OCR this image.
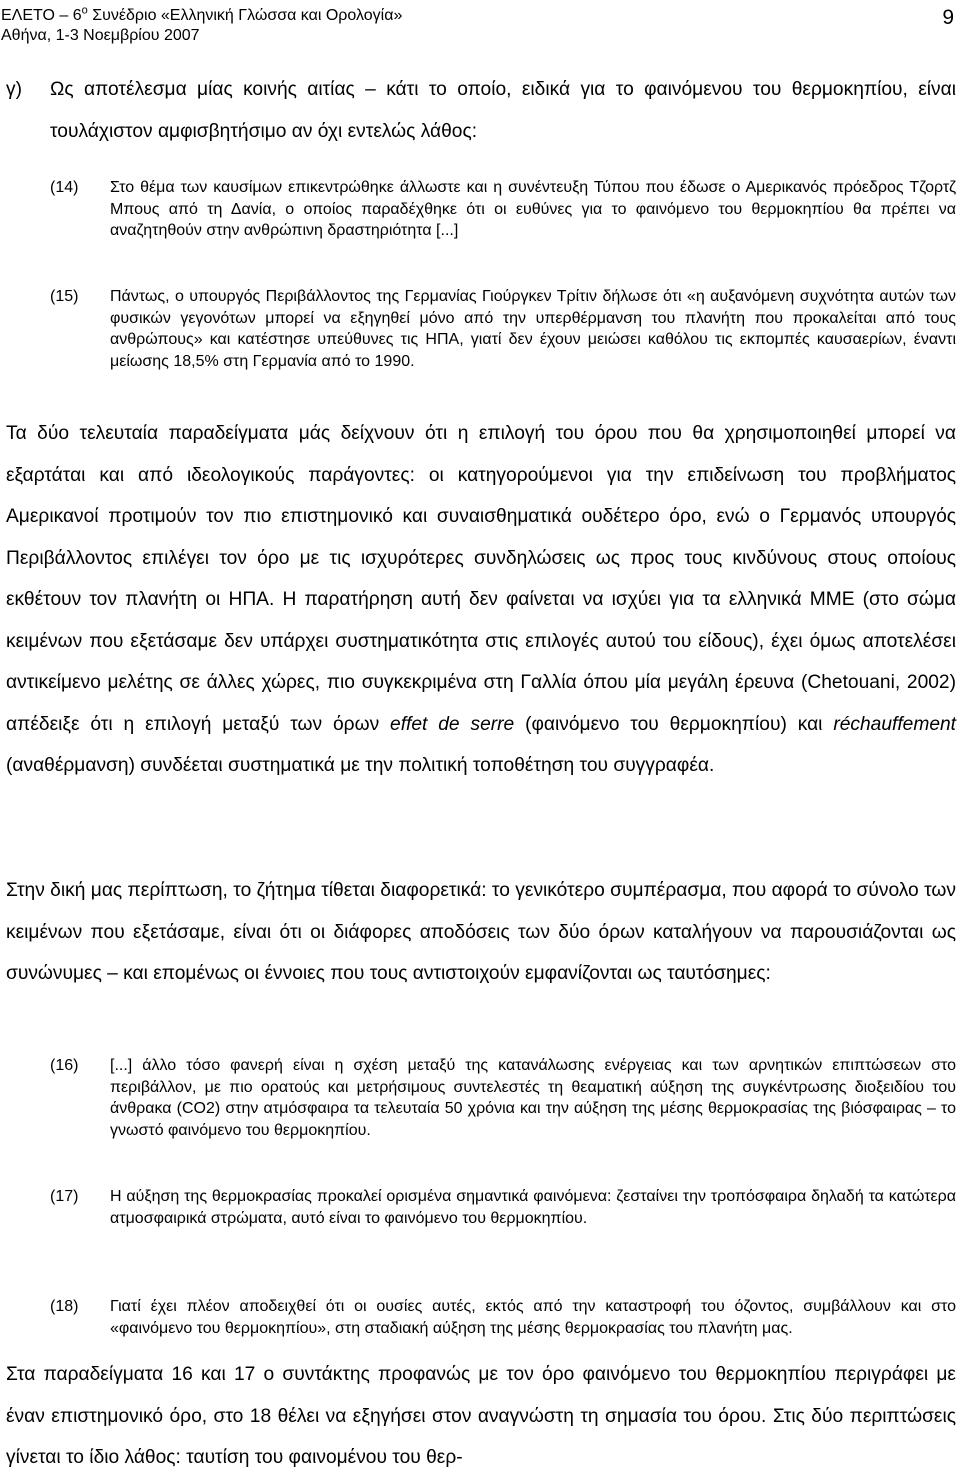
ΕΛΕΤΟ – $6^o$ Συνέδριο «Ελληνική Γλώσσα και Ορολογία»
Αθήνα, 1-3 Νοεμβρίου 2007
9
γ) Ως αποτέλεσμα μίας κοινής αιτίας – κάτι το οποίο, ειδικά για το φαινόμενου του θερμοκηπίου, είναι τουλάχιστον αμφισβητήσιμο αν όχι εντελώς λάθος:
(14) Στο θέμα των καυσίμων επικεντρώθηκε άλλωστε και η συνέντευξη Τύπου που έδωσε ο Αμερικανός πρόεδρος Τζορτζ Μπους από τη Δανία, ο οποίος παραδέχθηκε ότι οι ευθύνες για το φαινόμενο του θερμοκηπίου θα πρέπει να αναζητηθούν στην ανθρώπινη δραστηριότητα [...]
(15) Πάντως, ο υπουργός Περιβάλλοντος της Γερμανίας Γιούργκεν Τρίτιν δήλωσε ότι «η αυξανόμενη συχνότητα αυτών των φυσικών γεγονότων μπορεί να εξηγηθεί μόνο από την υπερθέρμανση του πλανήτη που προκαλείται από τους ανθρώπους» και κατέστησε υπεύθυνες τις ΗΠΑ, γιατί δεν έχουν μειώσει καθόλου τις εκπομπές καυσαερίων, έναντι μείωσης 18,5% στη Γερμανία από το 1990.

Τα δύο τελευταία παραδείγματα μάς δείχνουν ότι η επιλογή του όρου που θα χρησιμοποιηθεί μπορεί να εξαρτάται και από ιδεολογικούς παράγοντες: οι κατηγορούμενοι για την επιδείνωση του προβλήματος Αμερικανοί προτιμούν τον πιο επιστημονικό και συναισθηματικά ουδέτερο όρο, ενώ ο Γερμανός υπουργός Περιβάλλοντος επιλέγει τον όρο με τις ισχυρότερες συνδηλώσεις ως προς τους κινδύνους στους οποίους εκθέτουν τον πλανήτη οι ΗΠΑ. Η παρατήρηση αυτή δεν φαίνεται να ισχύει για τα ελληνικά ΜΜΕ (στο σώμα κειμένων που εξετάσαμε δεν υπάρχει συστηματικότητα στις επιλογές αυτού του είδους), έχει όμως αποτελέσει αντικείμενο μελέτης σε άλλες χώρες, πιο συγκεκριμένα στη Γαλλία όπου μία μεγάλη έρευνα (Chetouani, 2002) απέδειξε ότι η επιλογή μεταξύ των όρων effet de serre (φαινόμενο του θερμοκηπίου) και réchauffement (αναθέρμανση) συνδέεται συστηματικά με την πολιτική τοποθέτηση του συγγραφέα.

Στην δική μας περίπτωση, το ζήτημα τίθεται διαφορετικά: το γενικότερο συμπέρασμα, που αφορά το σύνολο των κειμένων που εξετάσαμε, είναι ότι οι διάφορες αποδόσεις των δύο όρων καταλήγουν να παρουσιάζονται ως συνώνυμες – και επομένως οι έννοιες που τους αντιστοιχούν εμφανίζονται ως ταυτόσημες:

(16) [...] άλλο τόσο φανερή είναι η σχέση μεταξύ της κατανάλωσης ενέργειας και των αρνητικών επιπτώσεων στο περιβάλλον, με πιο ορατούς και μετρήσιμους συντελεστές τη θεαματική αύξηση της συγκέντρωσης διοξειδίου του άνθρακα (CO2) στην ατμόσφαιρα τα τελευταία 50 χρόνια και την αύξηση της μέσης θερμοκρασίας της βιόσφαιρας – το γνωστό φαινόμενο του θερμοκηπίου.
(17) Η αύξηση της θερμοκρασίας προκαλεί ορισμένα σημαντικά φαινόμενα: ζεσταίνει την τροπόσφαιρα δηλαδή τα κατώτερα ατμοσφαιρικά στρώματα, αυτό είναι το φαινόμενο του θερμοκηπίου.
(18) Γιατί έχει πλέον αποδειχθεί ότι οι ουσίες αυτές, εκτός από την καταστροφή του όζοντος, συμβάλλουν και στο «φαινόμενο του θερμοκηπίου», στη σταδιακή αύξηση της μέσης θερμοκρασίας του πλανήτη μας.

Στα παραδείγματα 16 και 17 ο συντάκτης προφανώς με τον όρο φαινόμενο του θερμοκηπίου περιγράφει με έναν επιστημονικό όρο, στο 18 θέλει να εξηγήσει στον αναγνώστη τη σημασία του όρου. Στις δύο περιπτώσεις γίνεται το ίδιο λάθος: ταυτίση του φαινομένου του θερ-
